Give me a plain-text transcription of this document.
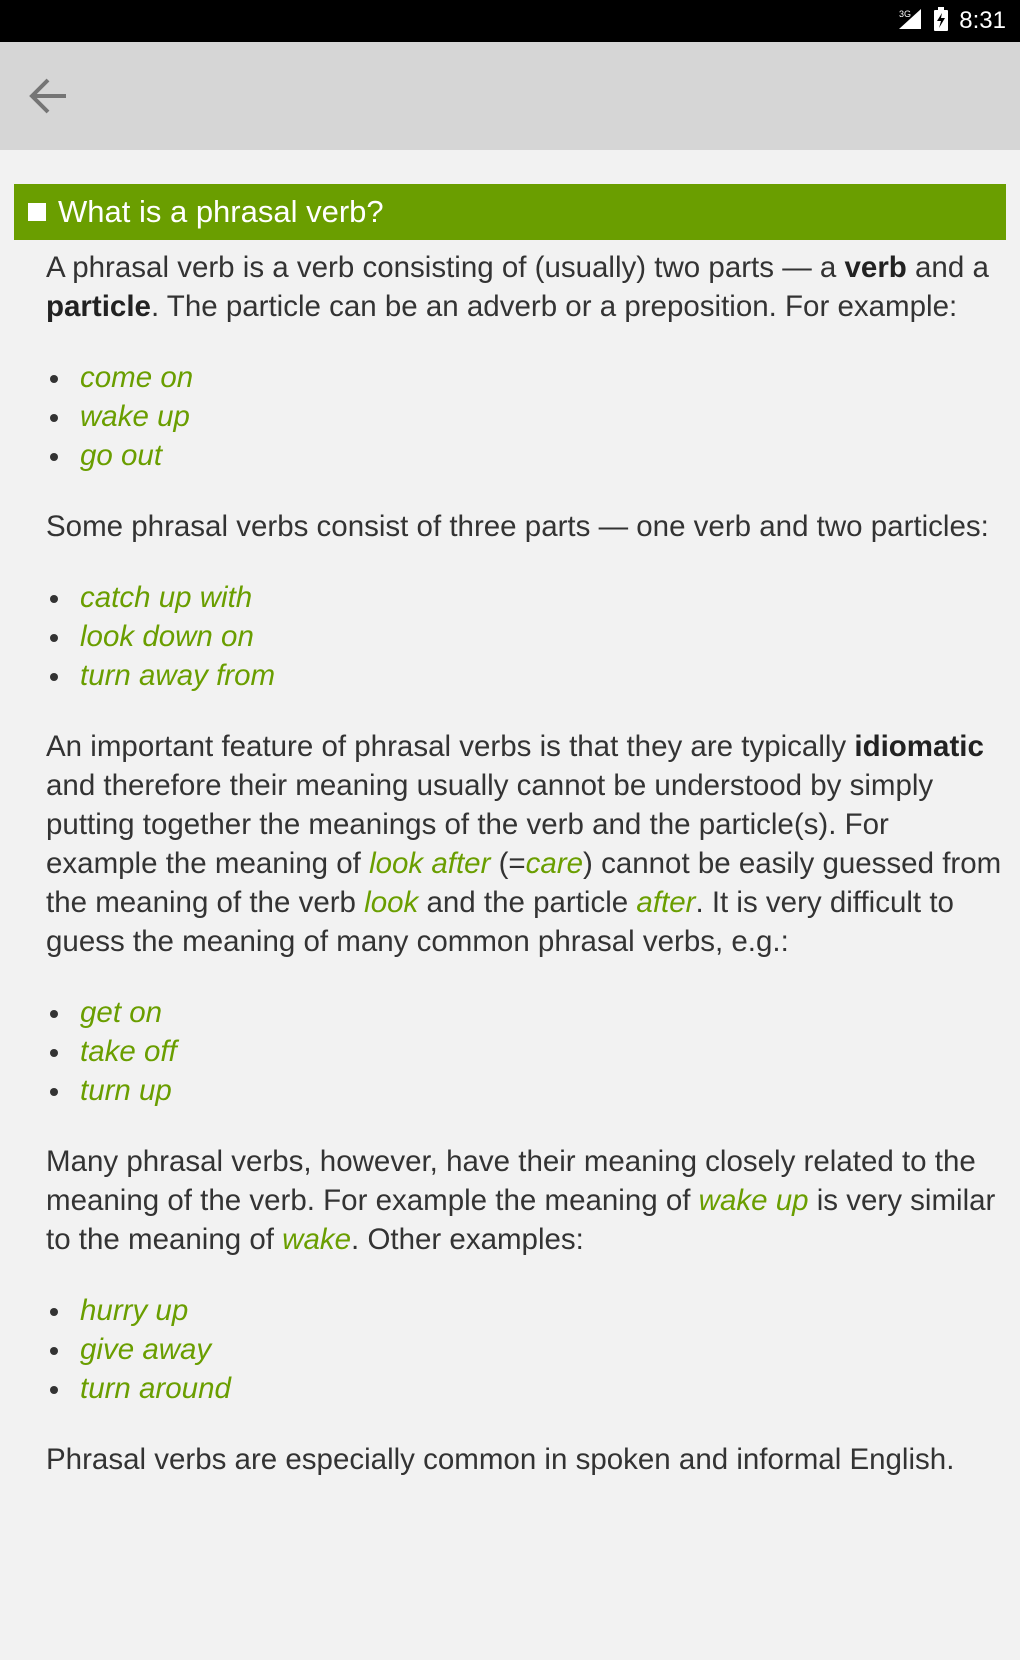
3G 8:31
What is a phrasal verb?

A phrasal verb is a verb consisting of (usually) two parts — a verb and a particle. The particle can be an adverb or a preposition. For example:

come on
wake up
go out

Some phrasal verbs consist of three parts — one verb and two particles:

catch up with
look down on
turn away from

An important feature of phrasal verbs is that they are typically idiomatic and therefore their meaning usually cannot be understood by simply putting together the meanings of the verb and the particle(s). For example the meaning of look after (=care) cannot be easily guessed from the meaning of the verb look and the particle after. It is very difficult to guess the meaning of many common phrasal verbs, e.g.:

get on
take off
turn up

Many phrasal verbs, however, have their meaning closely related to the meaning of the verb. For example the meaning of wake up is very similar to the meaning of wake. Other examples:

hurry up
give away
turn around

Phrasal verbs are especially common in spoken and informal English.
